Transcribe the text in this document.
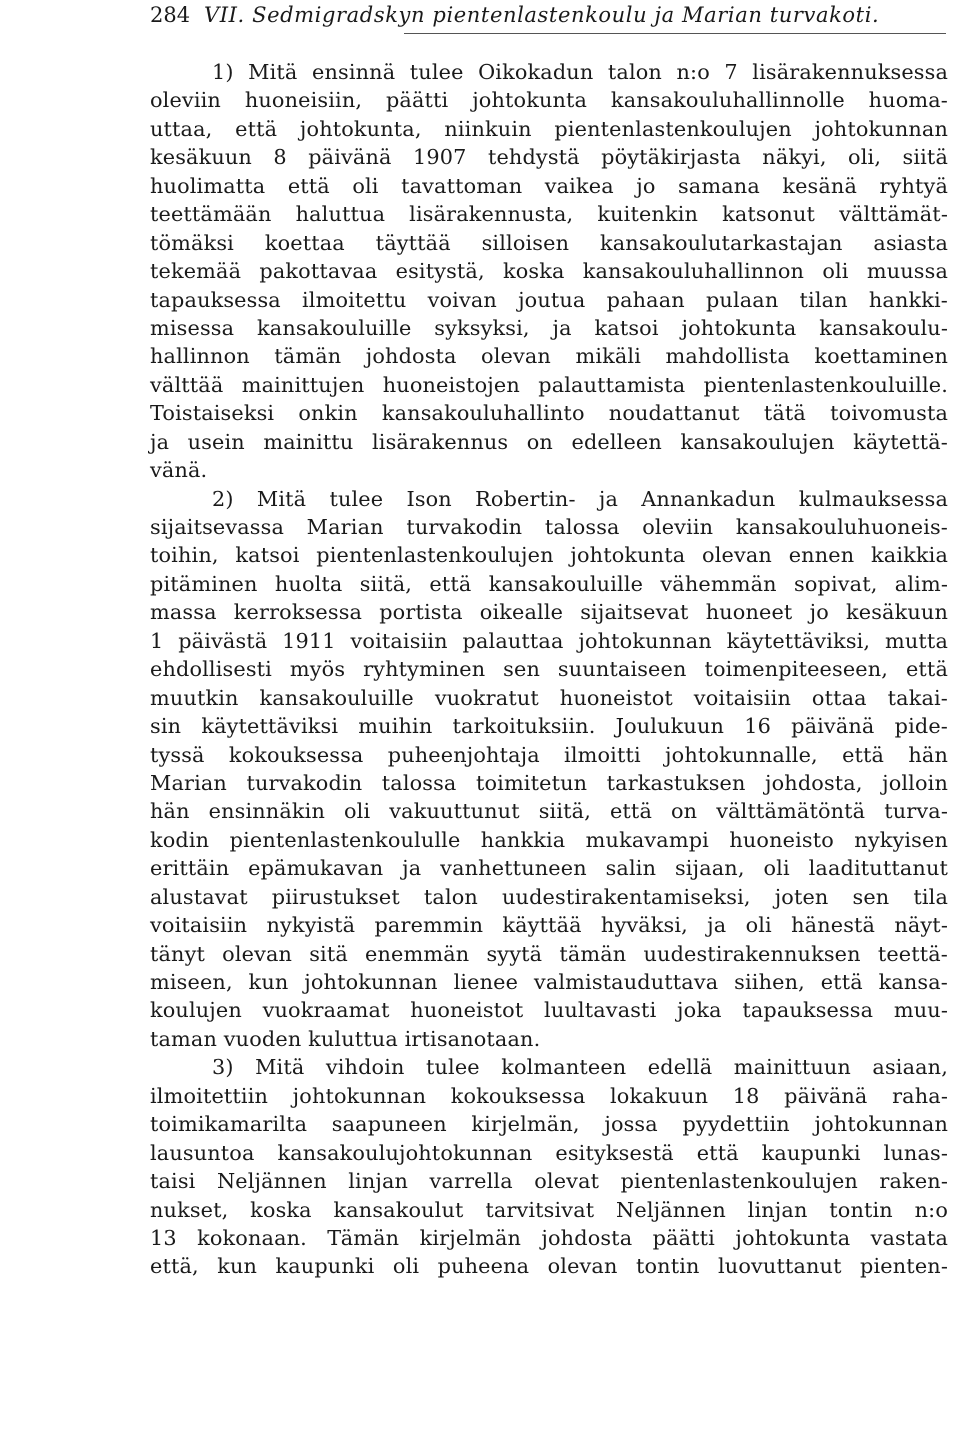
284 VII. Sedmigradskyn pientenlastenkoulu ja Marian turvakoti.
1) Mitä ensinnä tulee Oikokadun talon n:o 7 lisärakennuksessa
oleviin huoneisiin, päätti johtokunta kansakouluhallinnolle huoma-
uttaa, että johtokunta, niinkuin pientenlastenkoulujen johtokunnan
kesäkuun 8 päivänä 1907 tehdystä pöytäkirjasta näkyi, oli, siitä
huolimatta että oli tavattoman vaikea jo samana kesänä ryhtyä
teettämään haluttua lisärakennusta, kuitenkin katsonut välttämät-
tömäksi koettaa täyttää silloisen kansakoulutarkastajan asiasta
tekemää pakottavaa esitystä, koska kansakouluhallinnon oli muussa
tapauksessa ilmoitettu voivan joutua pahaan pulaan tilan hankki-
misessa kansakouluille syksyksi, ja katsoi johtokunta kansakoulu-
hallinnon tämän johdosta olevan mikäli mahdollista koettaminen
välttää mainittujen huoneistojen palauttamista pientenlastenkouluille.
Toistaiseksi onkin kansakouluhallinto noudattanut tätä toivomusta
ja usein mainittu lisärakennus on edelleen kansakoulujen käytettä-
vänä.
2) Mitä tulee Ison Robertin- ja Annankadun kulmauksessa
sijaitsevassa Marian turvakodin talossa oleviin kansakouluhuoneis-
toihin, katsoi pientenlastenkoulujen johtokunta olevan ennen kaikkia
pitäminen huolta siitä, että kansakouluille vähemmän sopivat, alim-
massa kerroksessa portista oikealle sijaitsevat huoneet jo kesäkuun
1 päivästä 1911 voitaisiin palauttaa johtokunnan käytettäviksi, mutta
ehdollisesti myös ryhtyminen sen suuntaiseen toimenpiteeseen, että
muutkin kansakouluille vuokratut huoneistot voitaisiin ottaa takai-
sin käytettäviksi muihin tarkoituksiin. Joulukuun 16 päivänä pide-
tyssä kokouksessa puheenjohtaja ilmoitti johtokunnalle, että hän
Marian turvakodin talossa toimitetun tarkastuksen johdosta, jolloin
hän ensinnäkin oli vakuuttunut siitä, että on välttämätöntä turva-
kodin pientenlastenkoululle hankkia mukavampi huoneisto nykyisen
erittäin epämukavan ja vanhettuneen salin sijaan, oli laadituttanut
alustavat piirustukset talon uudestirakentamiseksi, joten sen tila
voitaisiin nykyistä paremmin käyttää hyväksi, ja oli hänestä näyt-
tänyt olevan sitä enemmän syytä tämän uudestirakennuksen teettä-
miseen, kun johtokunnan lienee valmistauduttava siihen, että kansa-
koulujen vuokraamat huoneistot luultavasti joka tapauksessa muu-
taman vuoden kuluttua irtisanotaan.
3) Mitä vihdoin tulee kolmanteen edellä mainittuun asiaan,
ilmoitettiin johtokunnan kokouksessa lokakuun 18 päivänä raha-
toimikamarilta saapuneen kirjelmän, jossa pyydettiin johtokunnan
lausuntoa kansakoulujohtokunnan esityksestä että kaupunki lunas-
taisi Neljännen linjan varrella olevat pientenlastenkoulujen raken-
nukset, koska kansakoulut tarvitsivat Neljännen linjan tontin n:o
13 kokonaan. Tämän kirjelmän johdosta päätti johtokunta vastata
että, kun kaupunki oli puheena olevan tontin luovuttanut pienten-
